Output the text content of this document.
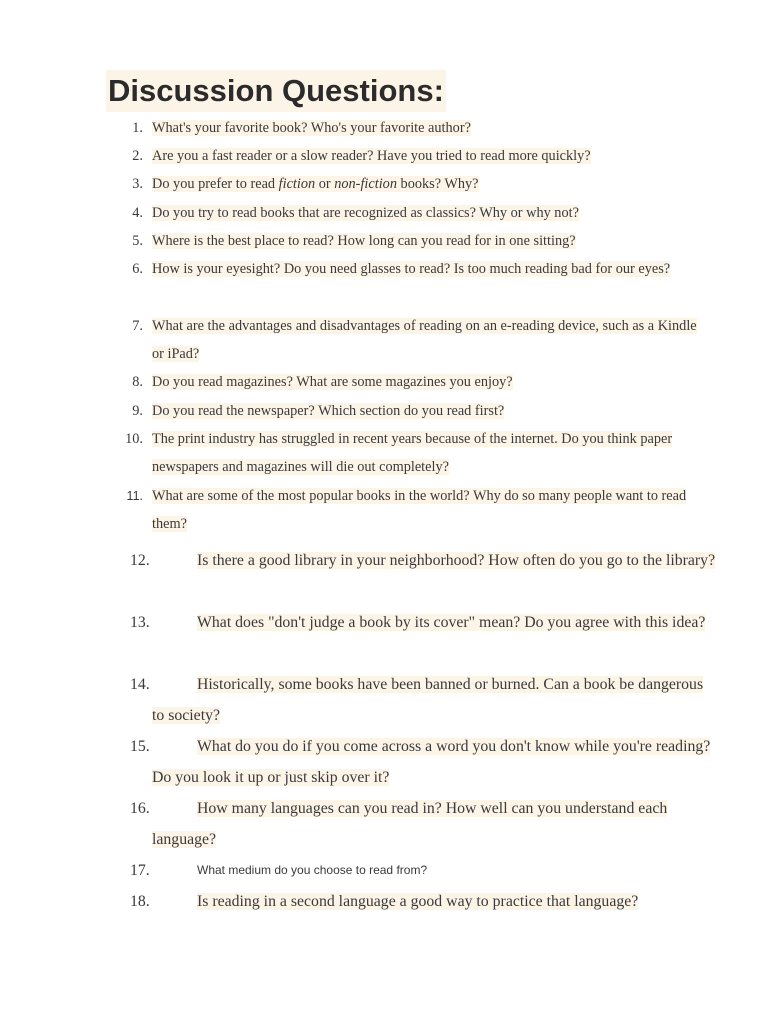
Discussion Questions:
1. What's your favorite book? Who's your favorite author?
2. Are you a fast reader or a slow reader? Have you tried to read more quickly?
3. Do you prefer to read fiction or non-fiction books? Why?
4. Do you try to read books that are recognized as classics? Why or why not?
5. Where is the best place to read? How long can you read for in one sitting?
6. How is your eyesight? Do you need glasses to read? Is too much reading bad for our eyes?
7. What are the advantages and disadvantages of reading on an e-reading device, such as a Kindle or iPad?
8. Do you read magazines? What are some magazines you enjoy?
9. Do you read the newspaper? Which section do you read first?
10. The print industry has struggled in recent years because of the internet. Do you think paper newspapers and magazines will die out completely?
11. What are some of the most popular books in the world? Why do so many people want to read them?
12.	Is there a good library in your neighborhood? How often do you go to the library?
13.	What does "don't judge a book by its cover" mean? Do you agree with this idea?
14.	Historically, some books have been banned or burned. Can a book be dangerous to society?
15.	What do you do if you come across a word you don't know while you're reading? Do you look it up or just skip over it?
16.	How many languages can you read in? How well can you understand each language?
17.	What medium do you choose to read from?
18.	Is reading in a second language a good way to practice that language?
